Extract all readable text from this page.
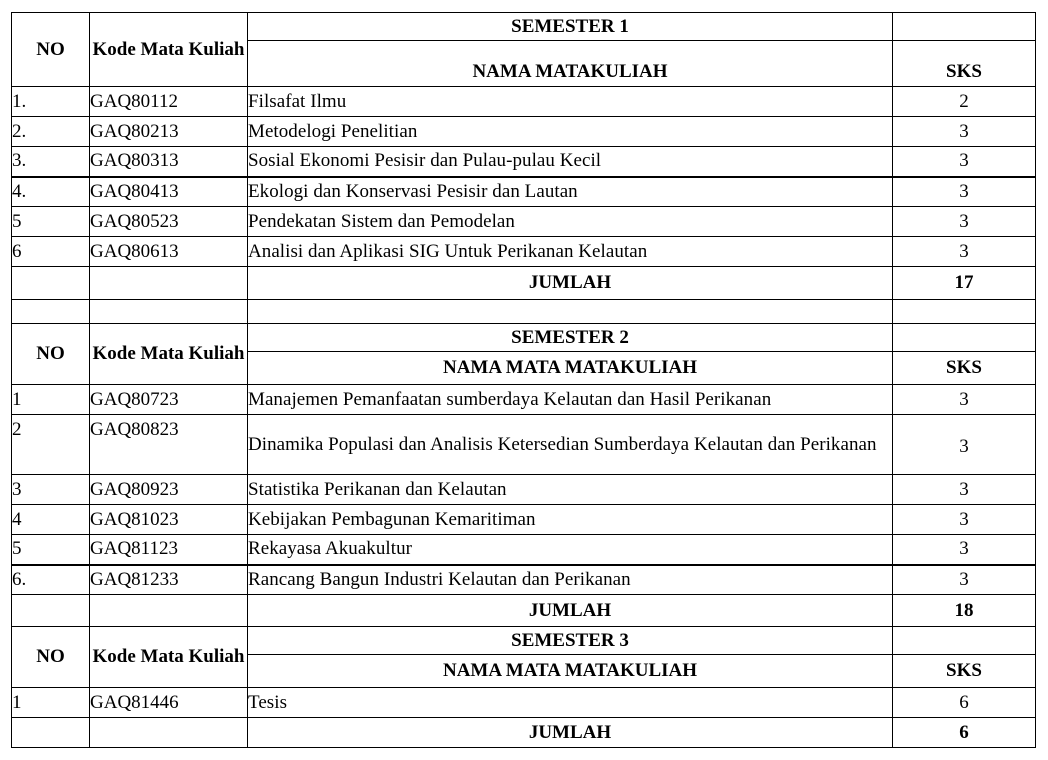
NO	Kode Mata Kuliah	SEMESTER 1	
		NAMA MATAKULIAH	SKS
1.	GAQ80112	Filsafat Ilmu	2
2.	GAQ80213	Metodelogi Penelitian	3
3.	GAQ80313	Sosial Ekonomi Pesisir dan Pulau-pulau Kecil	3
4.	GAQ80413	Ekologi dan Konservasi Pesisir dan Lautan	3
5	GAQ80523	Pendekatan Sistem dan Pemodelan	3
6	GAQ80613	Analisi dan Aplikasi SIG Untuk Perikanan Kelautan	3
		JUMLAH	17

NO	Kode Mata Kuliah	SEMESTER 2	
		NAMA MATA MATAKULIAH	SKS
1	GAQ80723	Manajemen Pemanfaatan sumberdaya Kelautan dan Hasil Perikanan	3
2	GAQ80823	Dinamika Populasi dan Analisis Ketersedian Sumberdaya Kelautan dan Perikanan	3
3	GAQ80923	Statistika Perikanan dan Kelautan	3
4	GAQ81023	Kebijakan Pembagunan Kemaritiman	3
5	GAQ81123	Rekayasa Akuakultur	3
6.	GAQ81233	Rancang Bangun Industri Kelautan dan Perikanan	3
		JUMLAH	18
NO	Kode Mata Kuliah	SEMESTER 3	
		NAMA MATA MATAKULIAH	SKS
1	GAQ81446	Tesis	6
		JUMLAH	6
